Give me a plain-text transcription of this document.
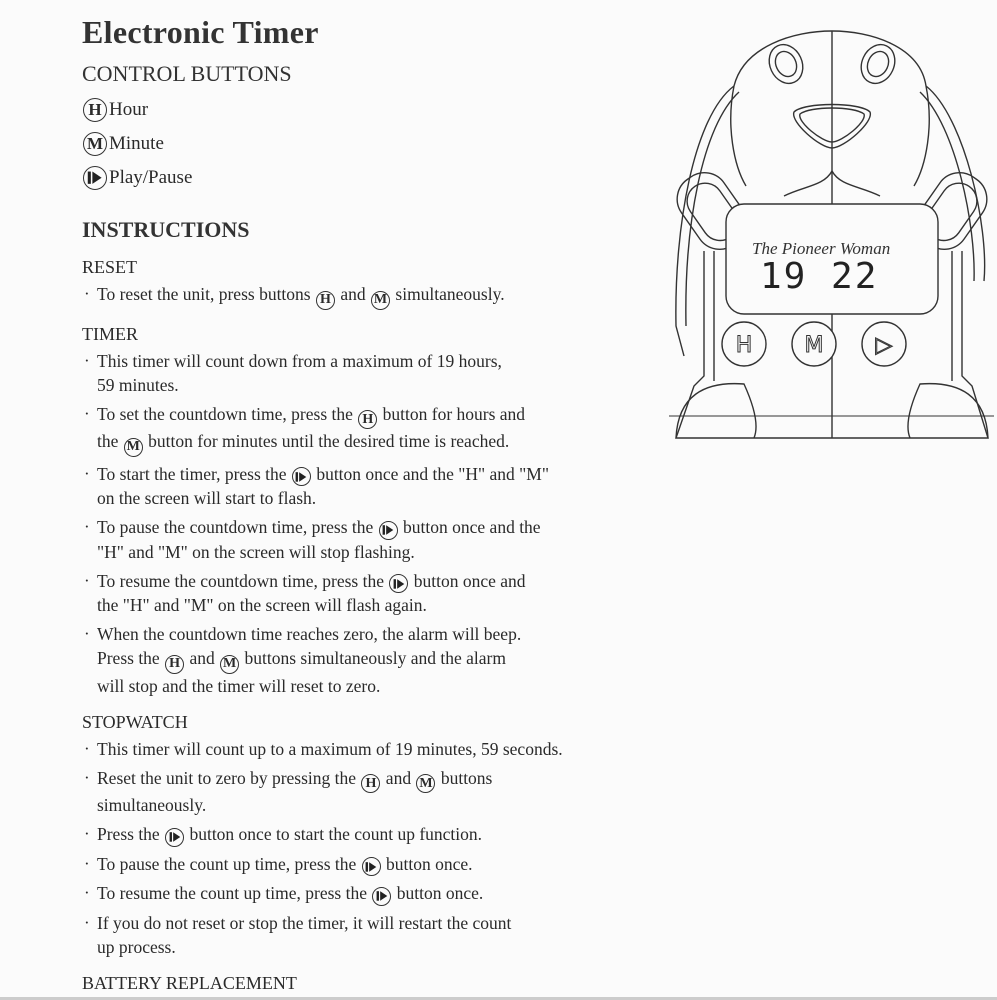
Electronic Timer
CONTROL BUTTONS
H Hour
M Minute
Play/Pause
INSTRUCTIONS
RESET
· To reset the unit, press buttons H and M simultaneously.
TIMER
· This timer will count down from a maximum of 19 hours,
59 minutes.
· To set the countdown time, press the H button for hours and
the M button for minutes until the desired time is reached.
· To start the timer, press the
button once and the "H" and "M"
on the screen will start to flash.
· To pause the countdown time, press the
button once and the
"H" and "M" on the screen will stop flashing.
· To resume the countdown time, press the
button once and
the "H" and "M" on the screen will flash again.
· When the countdown time reaches zero, the alarm will beep.
Press the H and M buttons simultaneously and the alarm
will stop and the timer will reset to zero.
STOPWATCH
· This timer will count up to a maximum of 19 minutes, 59 seconds.
· Reset the unit to zero by pressing the H and M buttons
simultaneously.
· Press the
button once to start the count up function.
· To pause the count up time, press the
button once.
· To resume the count up time, press the
button once.
· If you do not reset or stop the timer, it will restart the count
up process.
BATTERY REPLACEMENT
The Pioneer Woman
19 22
H M ▷
